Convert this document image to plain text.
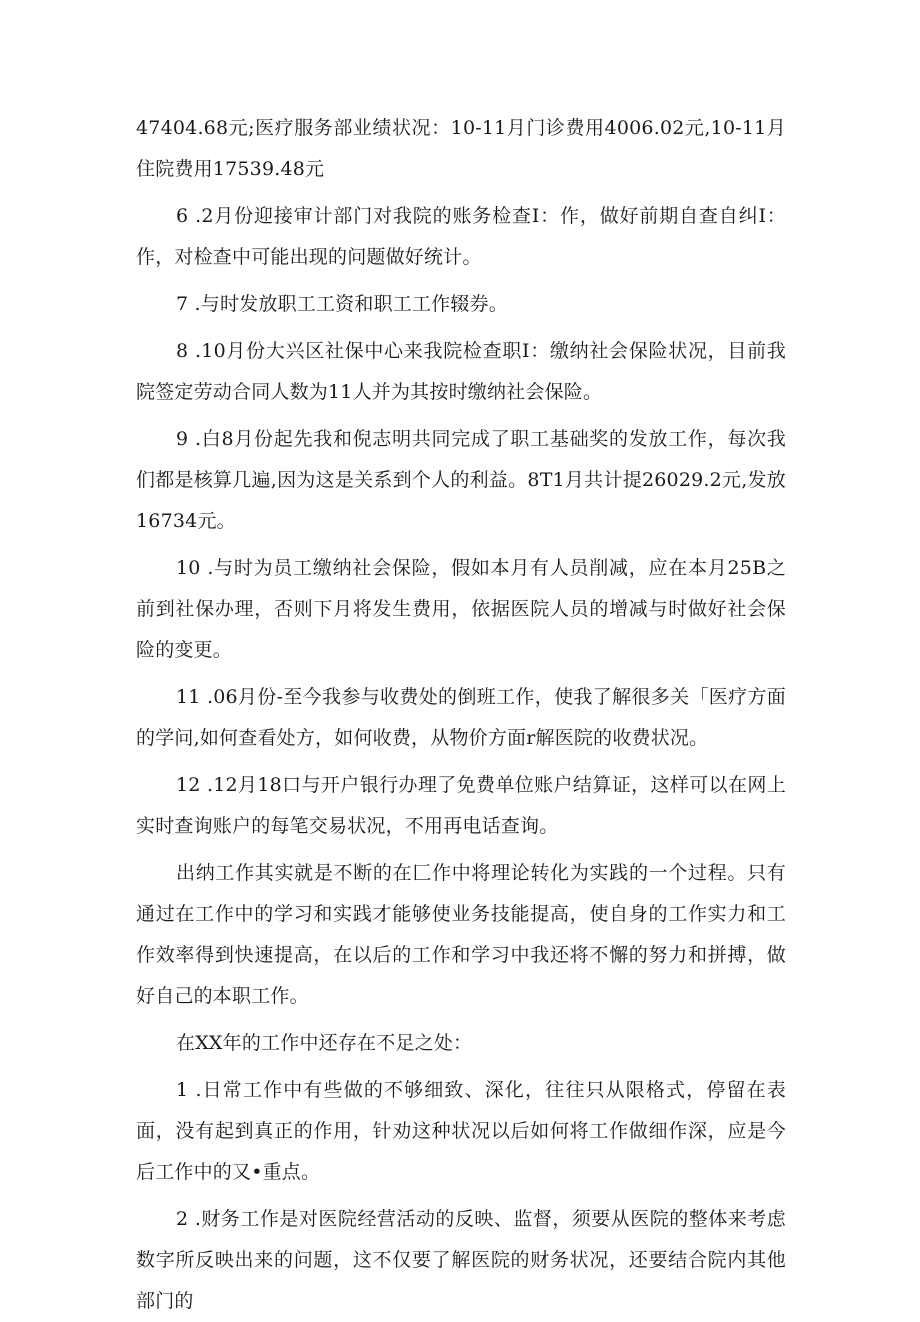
47404.68元;医疗服务部业绩状况：10-11月门诊费用4006.02元,10-11月住院费用17539.48元

6 .2月份迎接审计部门对我院的账务检查I：作，做好前期自查自纠I：作，对检查中可能出现的问题做好统计。

7 .与时发放职工工资和职工工作辍券。

8 .10月份大兴区社保中心来我院检查职I：缴纳社会保险状况，目前我院签定劳动合同人数为11人并为其按时缴纳社会保险。

9 .白8月份起先我和倪志明共同完成了职工基础奖的发放工作，每次我们都是核算几遍,因为这是关系到个人的利益。8T1月共计提26029.2元,发放16734元。

10 .与时为员工缴纳社会保险，假如本月有人员削减，应在本月25B之前到社保办理，否则下月将发生费用，依据医院人员的增减与时做好社会保险的变更。

11 .06月份-至今我参与收费处的倒班工作，使我了解很多关「医疗方面的学问,如何查看处方，如何收费，从物价方面r解医院的收费状况。

12 .12月18口与开户银行办理了免费单位账户结算证，这样可以在网上实时查询账户的每笔交易状况，不用再电话查询。

出纳工作其实就是不断的在匚作中将理论转化为实践的一个过程。只有通过在工作中的学习和实践才能够使业务技能提高，使自身的工作实力和工作效率得到快速提高，在以后的工作和学习中我还将不懈的努力和拼搏，做好自己的本职工作。

在XX年的工作中还存在不足之处：

1 .日常工作中有些做的不够细致、深化，往往只从限格式，停留在表面，没有起到真正的作用，针劝这种状况以后如何将工作做细作深，应是今后工作中的又•重点。

2 .财务工作是对医院经营活动的反映、监督，须要从医院的整体来考虑数字所反映出来的问题，这不仅要了解医院的财务状况，还要结合院内其他部门的
